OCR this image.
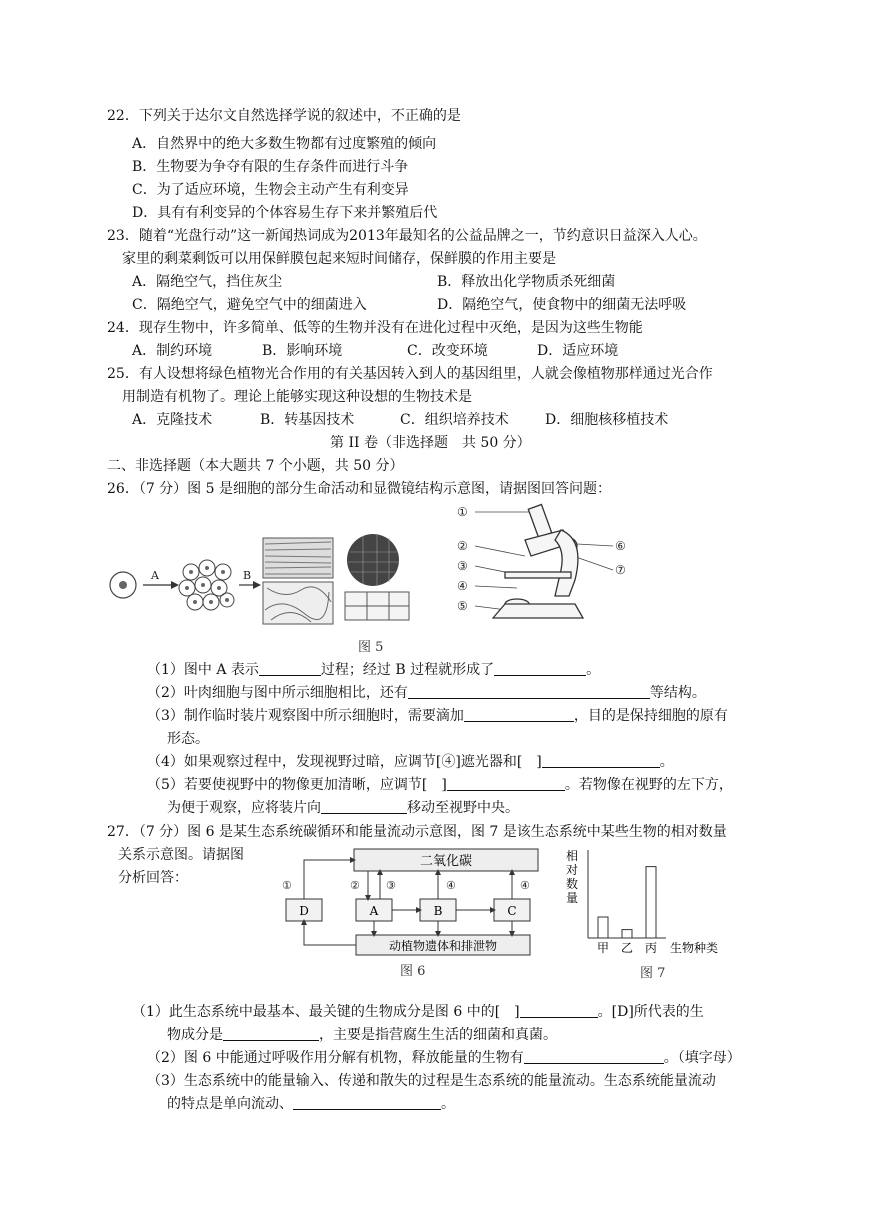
22．下列关于达尔文自然选择学说的叙述中，不正确的是
A．自然界中的绝大多数生物都有过度繁殖的倾向
B．生物要为争夺有限的生存条件而进行斗争
C．为了适应环境，生物会主动产生有利变异
D．具有有利变异的个体容易生存下来并繁殖后代
23．随着“光盘行动”这一新闻热词成为2013年最知名的公益品牌之一，节约意识日益深入人心。
家里的剩菜剩饭可以用保鲜膜包起来短时间储存，保鲜膜的作用主要是
A．隔绝空气，挡住灰尘	B．释放出化学物质杀死细菌
C．隔绝空气，避免空气中的细菌进入	D．隔绝空气，使食物中的细菌无法呼吸
24．现存生物中，许多简单、低等的生物并没有在进化过程中灭绝，是因为这些生物能
A．制约环境	B．影响环境	C．改变环境	D．适应环境
25．有人设想将绿色植物光合作用的有关基因转入到人的基因组里，人就会像植物那样通过光合作
用制造有机物了。理论上能够实现这种设想的生物技术是
A．克隆技术	B．转基因技术	C．组织培养技术	D．细胞核移植技术
第 II 卷（非选择题　共 50 分）
二、非选择题（本大题共 7 个小题，共 50 分）
26．（7 分）图 5 是细胞的部分生命活动和显微镜结构示意图，请据图回答问题：
A	B
①
②
③
④
⑤
⑥
⑦
图 5
（1）图中 A 表示	过程；经过 B 过程就形成了	。
（2）叶肉细胞与图中所示细胞相比，还有	等结构。
（3）制作临时装片观察图中所示细胞时，需要滴加	，目的是保持细胞的原有
形态。
（4）如果观察过程中，发现视野过暗，应调节[④]遮光器和[　]	。
（5）若要使视野中的物像更加清晰，应调节[　]	。若物像在视野的左下方，
为便于观察，应将装片向	移动至视野中央。
27．（7 分）图 6 是某生态系统碳循环和能量流动示意图，图 7 是该生态系统中某些生物的相对数量
关系示意图。请据图
分析回答：
二氧化碳
D	A	B	C
动植物遗体和排泄物
①	② ③	④	④
图 6
相对数量
生物种类
甲 乙 丙
图 7
（1）此生态系统中最基本、最关键的生物成分是图 6 中的[　]	。[D]所代表的生
物成分是	，主要是指营腐生生活的细菌和真菌。
（2）图 6 中能通过呼吸作用分解有机物，释放能量的生物有	。（填字母）
（3）生态系统中的能量输入、传递和散失的过程是生态系统的能量流动。生态系统能量流动
的特点是单向流动、	。
